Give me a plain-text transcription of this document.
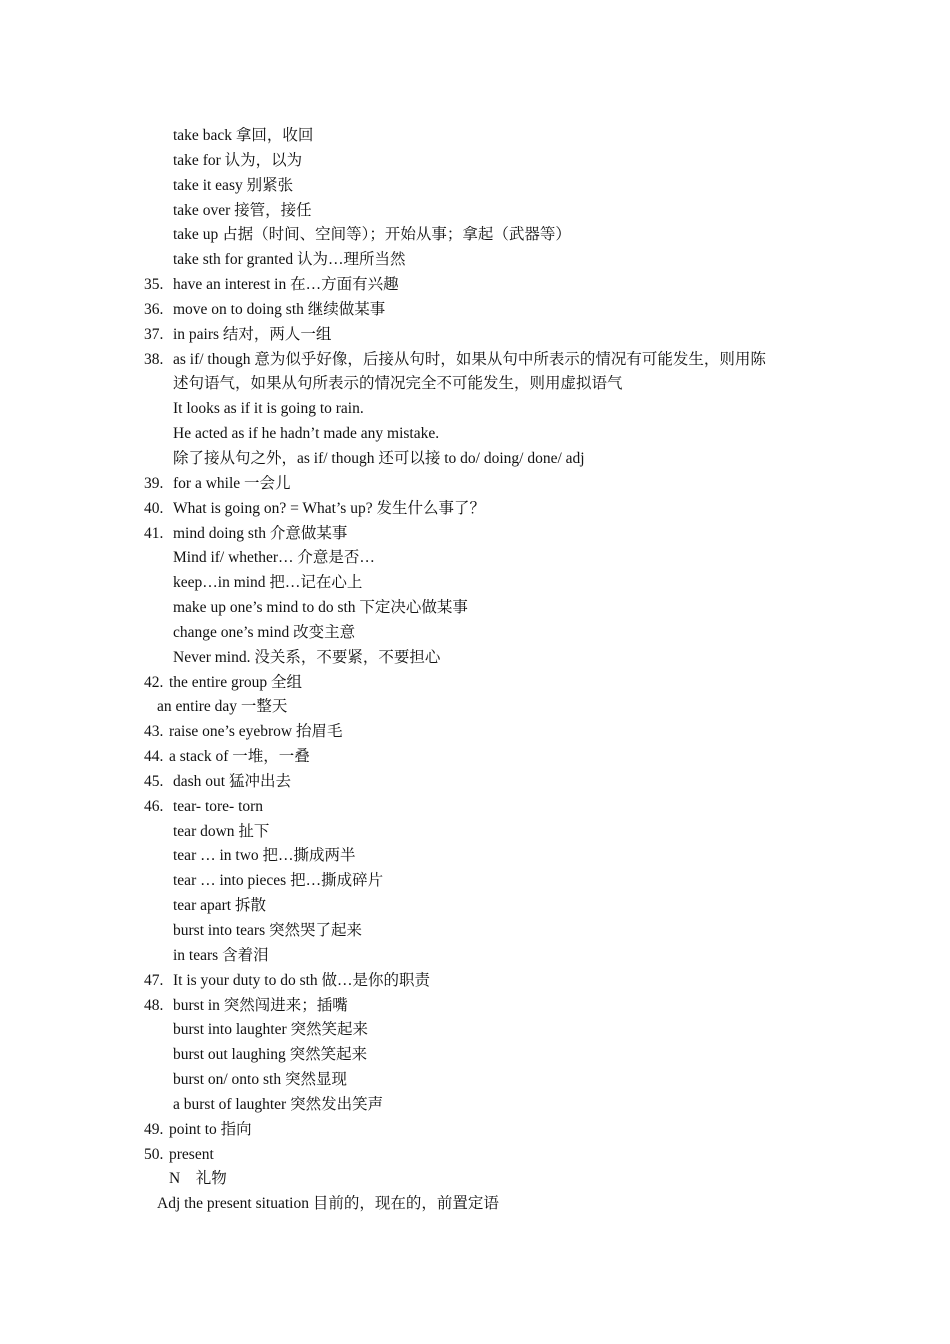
take back 拿回，收回
take for 认为，以为
take it easy 别紧张
take over 接管，接任
take up 占据（时间、空间等）；开始从事；拿起（武器等）
take sth for granted 认为…理所当然
35. have an interest in 在…方面有兴趣
36. move on to doing sth 继续做某事
37. in pairs 结对，两人一组
38. as if/ though 意为似乎好像，后接从句时，如果从句中所表示的情况有可能发生，则用陈
述句语气，如果从句所表示的情况完全不可能发生，则用虚拟语气
It looks as if it is going to rain.
He acted as if he hadn’t made any mistake.
除了接从句之外，as if/ though 还可以接 to do/ doing/ done/ adj
39. for a while 一会儿
40. What is going on? = What’s up? 发生什么事了？
41. mind doing sth 介意做某事
Mind if/ whether… 介意是否…
keep…in mind 把…记在心上
make up one’s mind to do sth 下定决心做某事
change one’s mind 改变主意
Never mind. 没关系，不要紧，不要担心
42. the entire group 全组
an entire day 一整天
43. raise one’s eyebrow 抬眉毛
44. a stack of 一堆，一叠
45. dash out 猛冲出去
46. tear- tore- torn
tear down 扯下
tear … in two 把…撕成两半
tear … into pieces 把…撕成碎片
tear apart 拆散
burst into tears 突然哭了起来
in tears 含着泪
47. It is your duty to do sth 做…是你的职责
48. burst in 突然闯进来；插嘴
burst into laughter 突然笑起来
burst out laughing 突然笑起来
burst on/ onto sth 突然显现
a burst of laughter 突然发出笑声
49. point to 指向
50. present
N　礼物
Adj the present situation 目前的，现在的，前置定语
